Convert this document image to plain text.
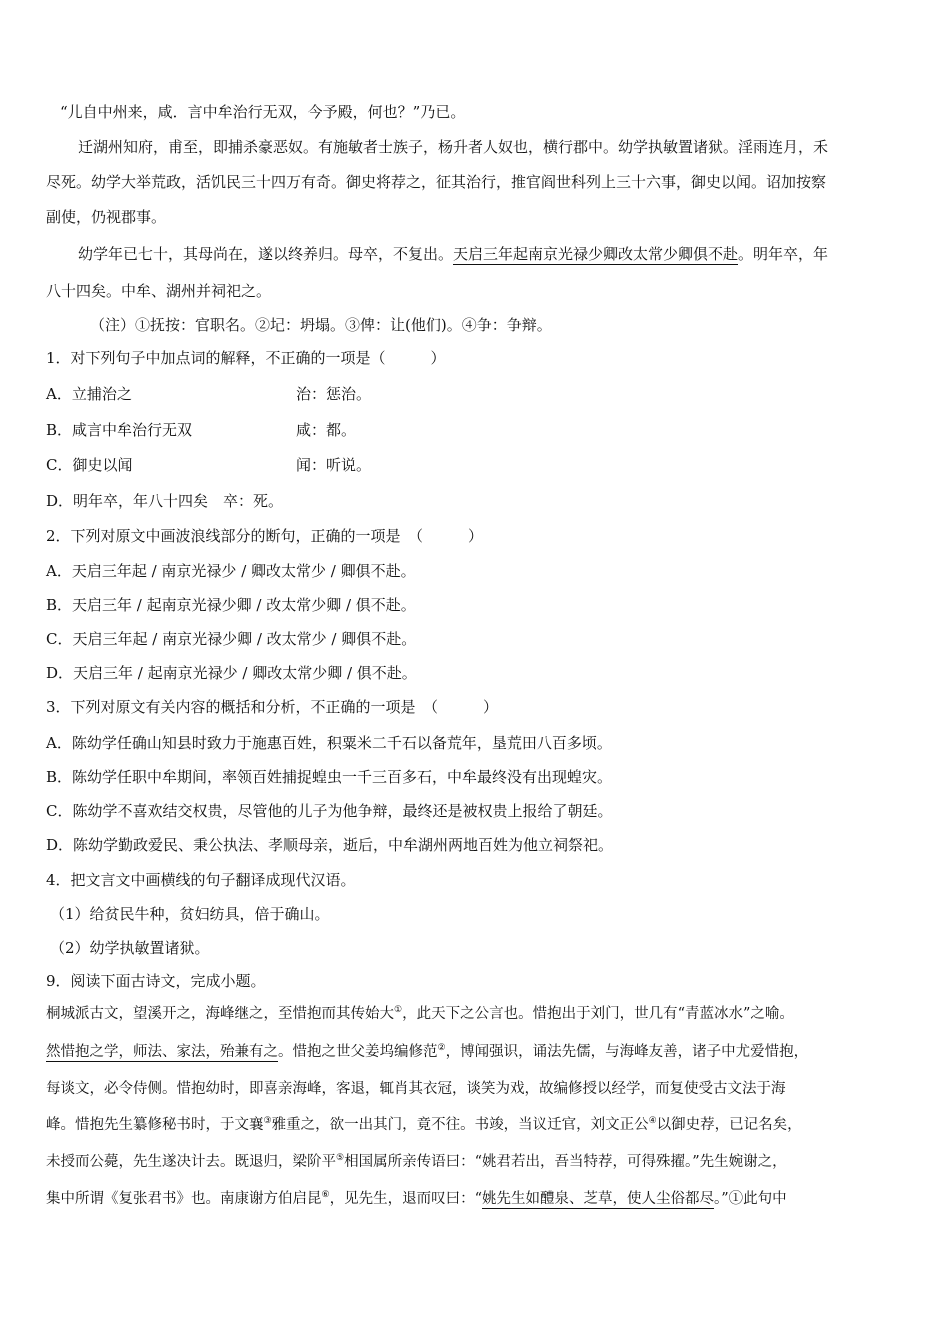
“儿自中州来，咸．言中牟治行无双，今予殿，何也？”乃已。
迁湖州知府，甫至，即捕杀豪恶奴。有施敏者士族子，杨升者人奴也，横行郡中。幼学执敏置诸狱。淫雨连月，禾
尽死。幼学大举荒政，活饥民三十四万有奇。御史将荐之，征其治行，推官阎世科列上三十六事，御史以闻。诏加按察
副使，仍视郡事。
幼学年已七十，其母尚在，遂以终养归。母卒，不复出。天启三年起南京光禄少卿改太常少卿俱不赴。明年卒，年
八十四矣。中牟、湖州并祠祀之。
（注）①抚按：官职名。②圮：坍塌。③俾：让(他们)。④争：争辩。
1．对下列句子中加点词的解释，不正确的一项是（　　　）
A．立捕治之	治：惩治。
B．咸言中牟治行无双	咸：都。
C．御史以闻	闻：听说。
D．明年卒，年八十四矣　卒：死。
2．下列对原文中画波浪线部分的断句，正确的一项是　（　　　）
A．天启三年起 / 南京光禄少 / 卿改太常少 / 卿俱不赴。
B．天启三年 / 起南京光禄少卿 / 改太常少卿 / 俱不赴。
C．天启三年起 / 南京光禄少卿 / 改太常少 / 卿俱不赴。
D．天启三年 / 起南京光禄少 / 卿改太常少卿 / 俱不赴。
3．下列对原文有关内容的概括和分析，不正确的一项是　（　　　）
A．陈幼学任确山知县时致力于施惠百姓，积粟米二千石以备荒年，垦荒田八百多顷。
B．陈幼学任职中牟期间，率领百姓捕捉蝗虫一千三百多石，中牟最终没有出现蝗灾。
C．陈幼学不喜欢结交权贵，尽管他的儿子为他争辩，最终还是被权贵上报给了朝廷。
D．陈幼学勤政爱民、秉公执法、孝顺母亲，逝后，中牟湖州两地百姓为他立祠祭祀。
4．把文言文中画横线的句子翻译成现代汉语。
（1）给贫民牛种，贫妇纺具，倍于确山。
（2）幼学执敏置诸狱。
9．阅读下面古诗文，完成小题。
桐城派古文，望溪开之，海峰继之，至惜抱而其传始大①，此天下之公言也。惜抱出于刘门，世几有“青蓝冰水”之喻。
然惜抱之学，师法、家法，殆兼有之。惜抱之世父姜坞编修范②，博闻强识，诵法先儒，与海峰友善，诸子中尤爱惜抱，
每谈文，必令侍侧。惜抱幼时，即喜亲海峰，客退，辄肖其衣冠，谈笑为戏，故编修授以经学，而复使受古文法于海
峰。惜抱先生纂修秘书时，于文襄③雅重之，欲一出其门，竟不往。书竣，当议迁官，刘文正公④以御史荐，已记名矣，
未授而公薨，先生遂决计去。既退归，梁阶平⑤相国属所亲传语曰：“姚君若出，吾当特荐，可得殊擢。”先生婉谢之，
集中所谓《复张君书》也。南康谢方伯启昆⑥，见先生，退而叹曰：“姚先生如醴泉、芝草，使人尘俗都尽。”①此句中
